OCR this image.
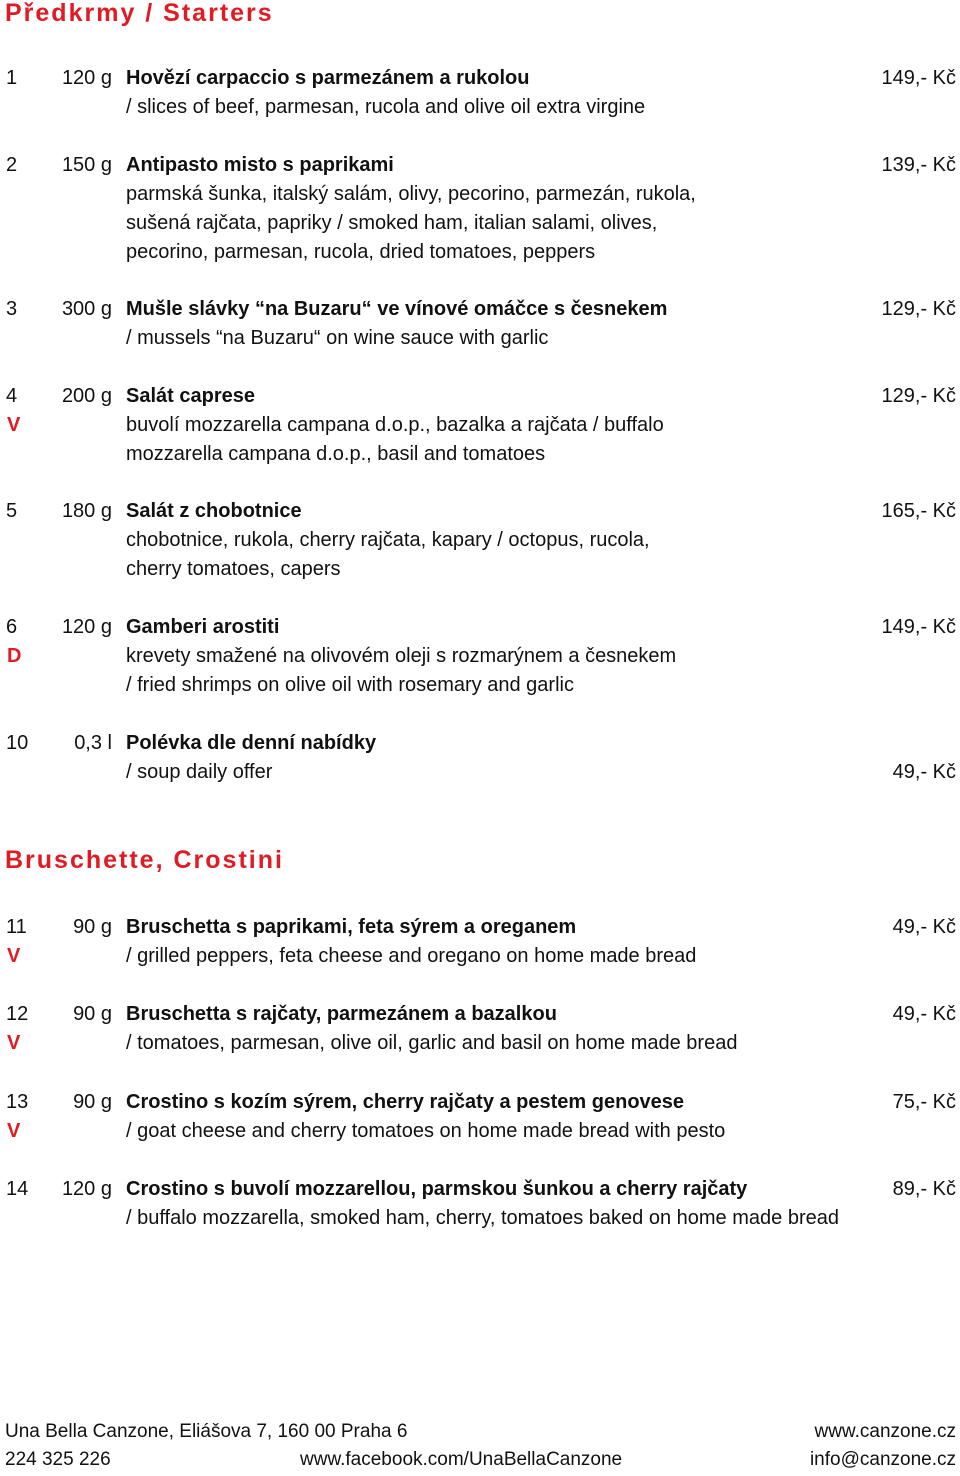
Předkrmy / Starters
1	120 g Hovězí carpaccio s parmezánem a rukolou	149,- Kč
/ slices of beef, parmesan, rucola and olive oil extra virgine
2	150 g Antipasto misto s paprikami	139,- Kč
parmská šunka, italský salám, olivy, pecorino, parmezán, rukola,
sušená rajčata, papriky / smoked ham, italian salami, olives,
pecorino, parmesan, rucola, dried tomatoes, peppers
3	300 g Mušle slávky “na Buzaru“ ve vínové omáčce s česnekem	129,- Kč
/ mussels “na Buzaru“ on wine sauce with garlic
4	200 g Salát caprese	129,- Kč
V	buvolí mozzarella campana d.o.p., bazalka a rajčata / buffalo
mozzarella campana d.o.p., basil and tomatoes
5	180 g Salát z chobotnice	165,- Kč
chobotnice, rukola, cherry rajčata, kapary / octopus, rucola,
cherry tomatoes, capers
6	120 g Gamberi arostiti	149,- Kč
D	krevety smažené na olivovém oleji s rozmarýnem a česnekem
/ fried shrimps on olive oil with rosemary and garlic
10	0,3 l Polévka dle denní nabídky
/ soup daily offer	49,- Kč
Bruschette, Crostini
11	90 g Bruschetta s paprikami, feta sýrem a oreganem	49,- Kč
V	/ grilled peppers, feta cheese and oregano on home made bread
12	90 g Bruschetta s rajčaty, parmezánem a bazalkou	49,- Kč
V	/ tomatoes, parmesan, olive oil, garlic and basil on home made bread
13	90 g Crostino s kozím sýrem, cherry rajčaty a pestem genovese	75,- Kč
V	/ goat cheese and cherry tomatoes on home made bread with pesto
14	120 g Crostino s buvolí mozzarellou, parmskou šunkou a cherry rajčaty	89,- Kč
/ buffalo mozzarella, smoked ham, cherry, tomatoes baked on home made bread
Una Bella Canzone, Eliášova 7, 160 00 Praha 6	www.canzone.cz
224 325 226	www.facebook.com/UnaBellaCanzone	info@canzone.cz
